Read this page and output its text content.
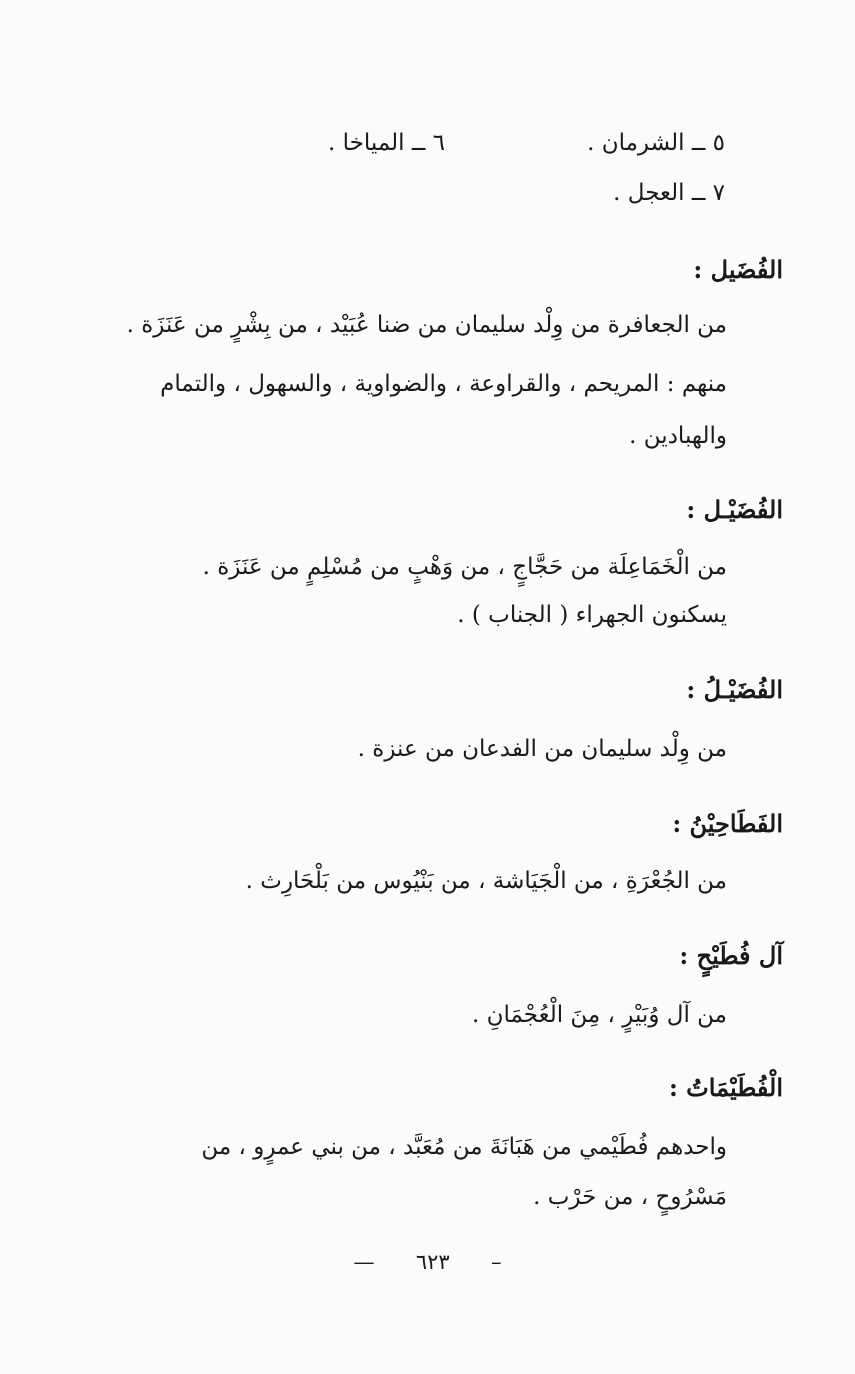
٥ ــ الشرمان .
٦ ــ المياخا .
٧ ــ العجل .
الفُضَيل :
من الجعافرة من وِلْد سليمان من ضنا عُبَيْد ، من بِشْرٍ من عَنَزَة .
منهم : المريحم ، والقراوعة ، والضواوية ، والسهول ، والتمام
والهبادين .
الفُضَيْـل :
من الْخَمَاعِلَة من حَجَّاجٍ ، من وَهْبٍ من مُسْلِمٍ من عَنَزَة .
يسكنون الجهراء ( الجناب ) .
الفُضَيْـلُ :
من وِلْد سليمان من الفدعان من عنزة .
الفَطَاحِيْنُ :
من الجُعْرَةِ ، من الْجَيَاشة ، من بَنْيُوس من بَلْحَارِث .
آل فُطَيْحٍ :
من آل وُبَيْرٍ ، مِنَ الْعُجْمَانِ .
الْفُطَيْمَاتُ :
واحدهم فُطَيْمي من هَبَانَةَ من مُعَبَّد ، من بني عمرٍو ، من
مَسْرُوحٍ ، من حَرْب .
— ٦٢٣ –
